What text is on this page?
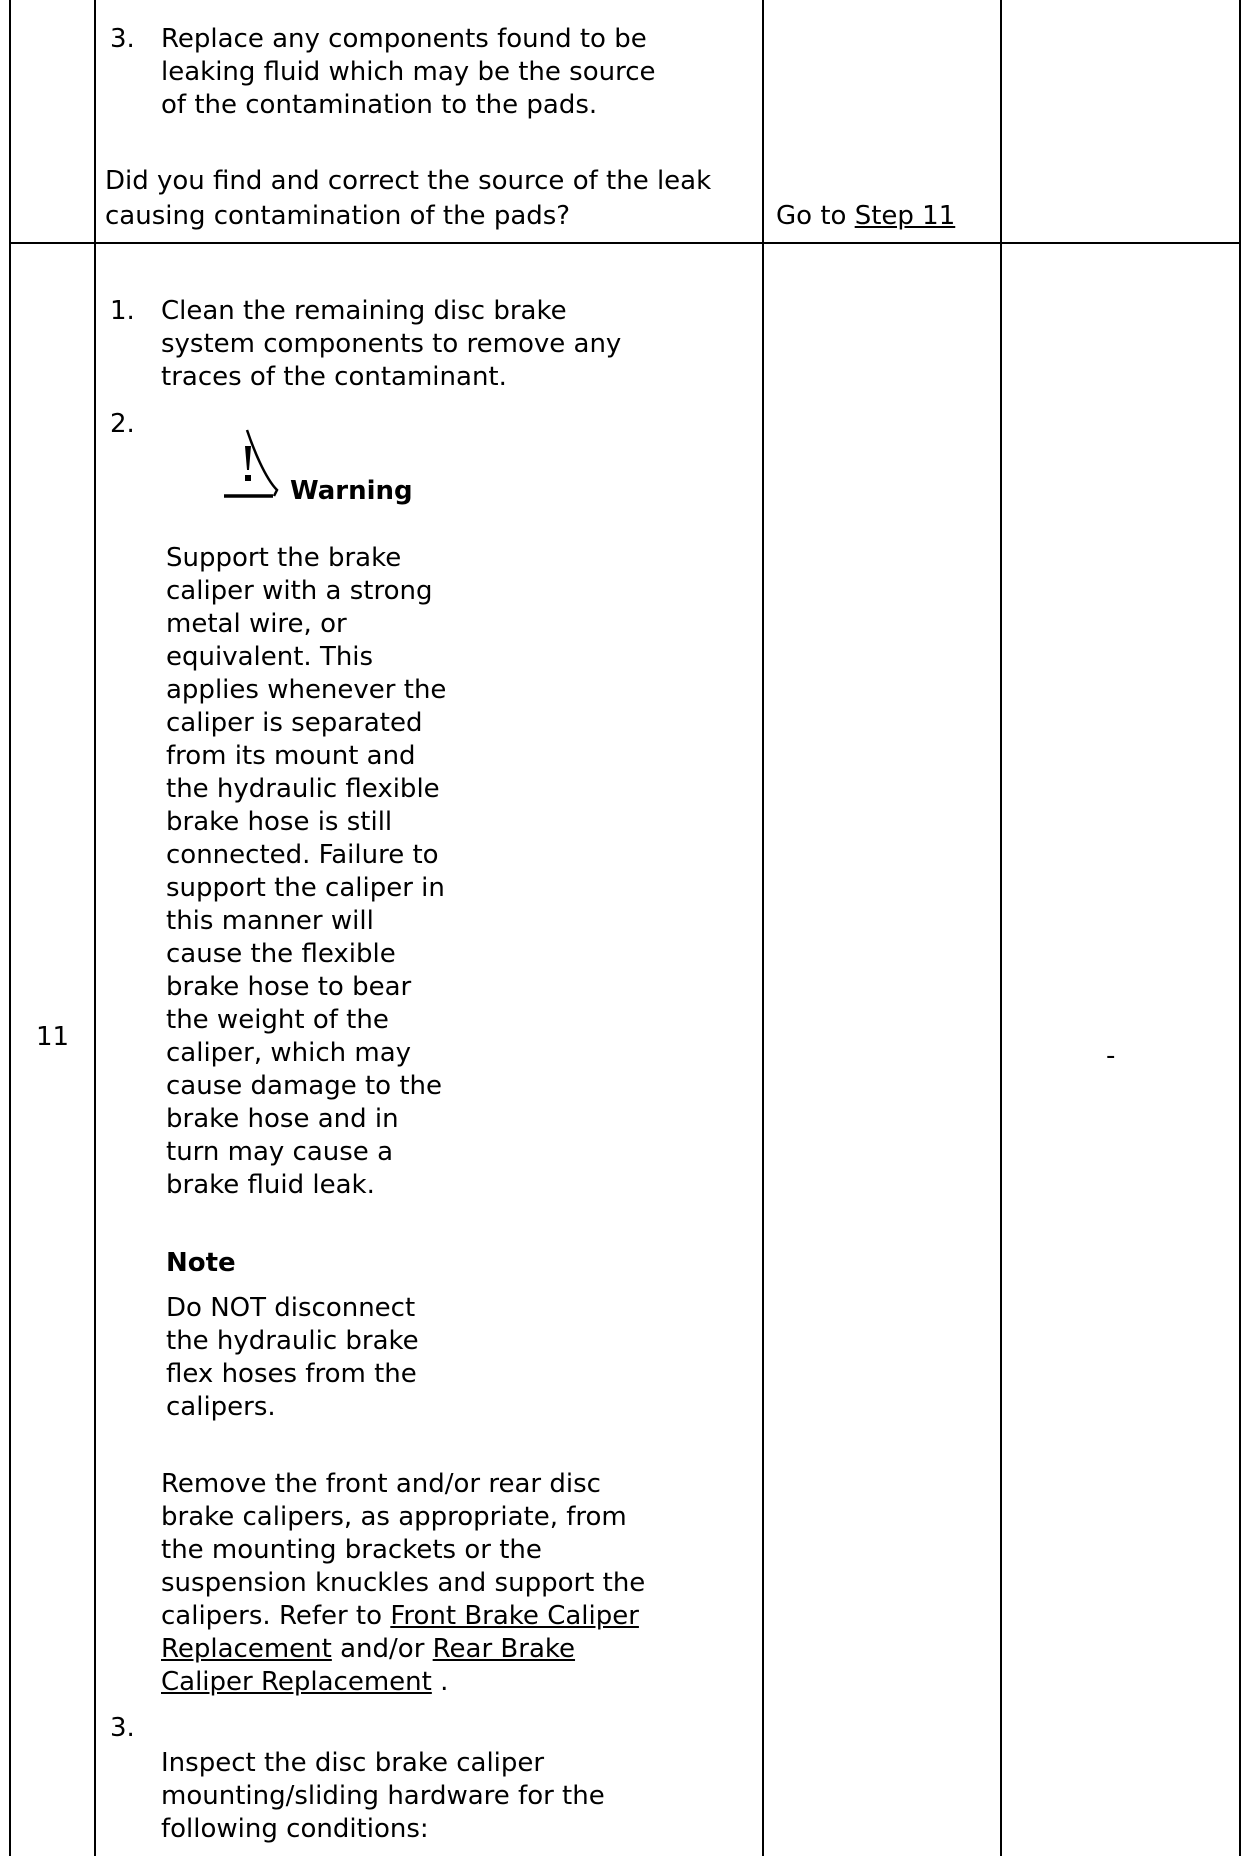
3. Replace any components found to be

leaking fluid which may be the source

of the contamination to the pads.

Did you find and correct the source of the leak

causing contamination of the pads?	Go to Step 11

11

-

1. Clean the remaining disc brake

system components to remove any

traces of the contaminant.

2.

Warning

Support the brake

caliper with a strong

metal wire, or

equivalent. This

applies whenever the

caliper is separated

from its mount and

the hydraulic flexible

brake hose is still

connected. Failure to

support the caliper in

this manner will

cause the flexible

brake hose to bear

the weight of the

caliper, which may

cause damage to the

brake hose and in

turn may cause a

brake fluid leak.

Note

Do NOT disconnect

the hydraulic brake

flex hoses from the

calipers.

Remove the front and/or rear disc

brake calipers, as appropriate, from

the mounting brackets or the

suspension knuckles and support the

calipers. Refer to Front Brake Caliper

Replacement and/or Rear Brake

Caliper Replacement .

3.

Inspect the disc brake caliper

mounting/sliding hardware for the

following conditions:
